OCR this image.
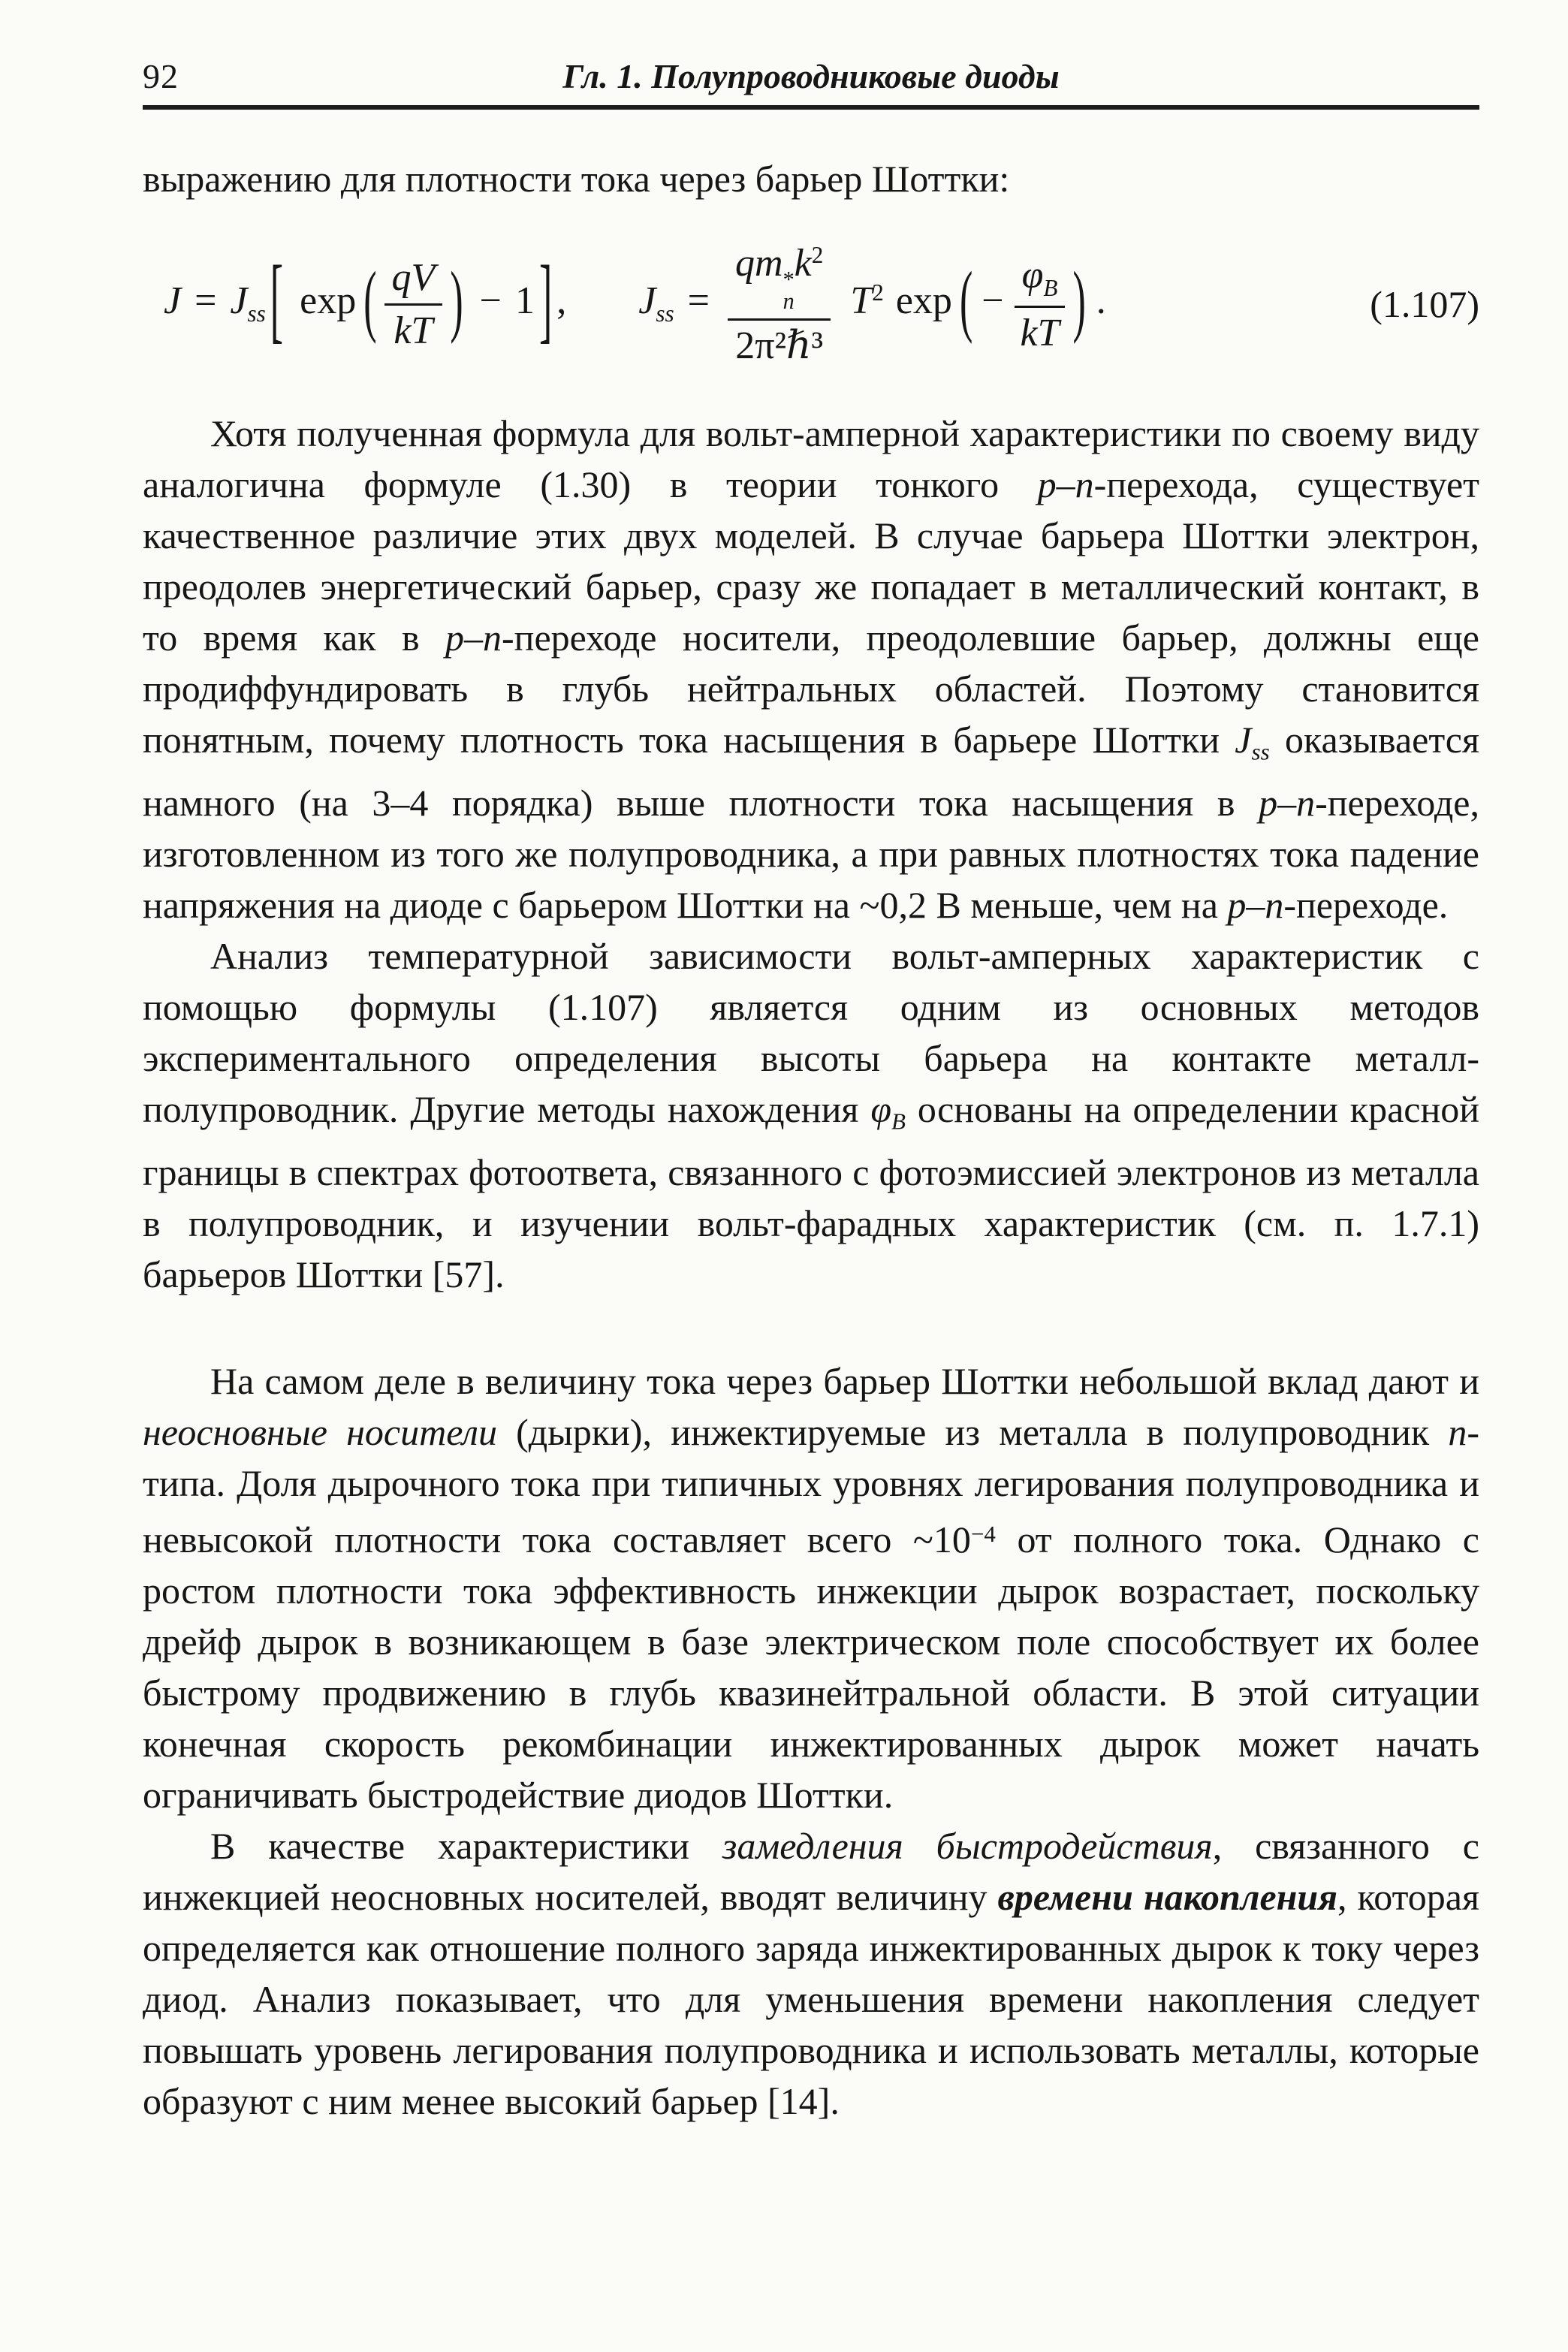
92	Гл. 1. Полупроводниковые диоды

выражению для плотности тока через барьер Шоттки:

$J = J_{ss}$ [ exp ( $\frac{qV}{kT}$ ) − 1 ] , $J_{ss}$ =
qm *
n
$k^2$
2π²ℏ³
$T^2$ exp ( − $\frac{\varphi_B}{kT}$ ) .	(1.107)

Хотя полученная формула для вольт-амперной характеристики по своему виду аналогична формуле (1.30) в теории тонкого p–n-перехода, существует качественное различие этих двух моделей. В случае барьера Шоттки электрон, преодолев энергетический барьер, сразу же попадает в металлический контакт, в то время как в p–n-переходе носители, преодолевшие барьер, должны еще продиффундировать в глубь нейтральных областей. Поэтому становится понятным, почему плотность тока насыщения в барьере Шоттки Jss оказывается намного (на 3–4 порядка) выше плотности тока насыщения в p–n-переходе, изготовленном из того же полупроводника, а при равных плотностях тока падение напряжения на диоде с барьером Шоттки на ~0,2 В меньше, чем на p–n-переходе.

Анализ температурной зависимости вольт-амперных характеристик с помощью формулы (1.107) является одним из основных методов экспериментального определения высоты барьера на контакте металл-полупроводник. Другие методы нахождения φB основаны на определении красной границы в спектрах фотоответа, связанного с фотоэмиссией электронов из металла в полупроводник, и изучении вольт-фарадных характеристик (см. п. 1.7.1) барьеров Шоттки [57].

На самом деле в величину тока через барьер Шоттки небольшой вклад дают и неосновные носители (дырки), инжектируемые из металла в полупроводник n-типа. Доля дырочного тока при типичных уровнях легирования полупроводника и невысокой плотности тока составляет всего $\sim 10^{-4}$ от полного тока. Однако с ростом плотности тока эффективность инжекции дырок возрастает, поскольку дрейф дырок в возникающем в базе электрическом поле способствует их более быстрому продвижению в глубь квазинейтральной области. В этой ситуации конечная скорость рекомбинации инжектированных дырок может начать ограничивать быстродействие диодов Шоттки.

В качестве характеристики замедления быстродействия, связанного с инжекцией неосновных носителей, вводят величину времени накопления, которая определяется как отношение полного заряда инжектированных дырок к току через диод. Анализ показывает, что для уменьшения времени накопления следует повышать уровень легирования полупроводника и использовать металлы, которые образуют с ним менее высокий барьер [14].
